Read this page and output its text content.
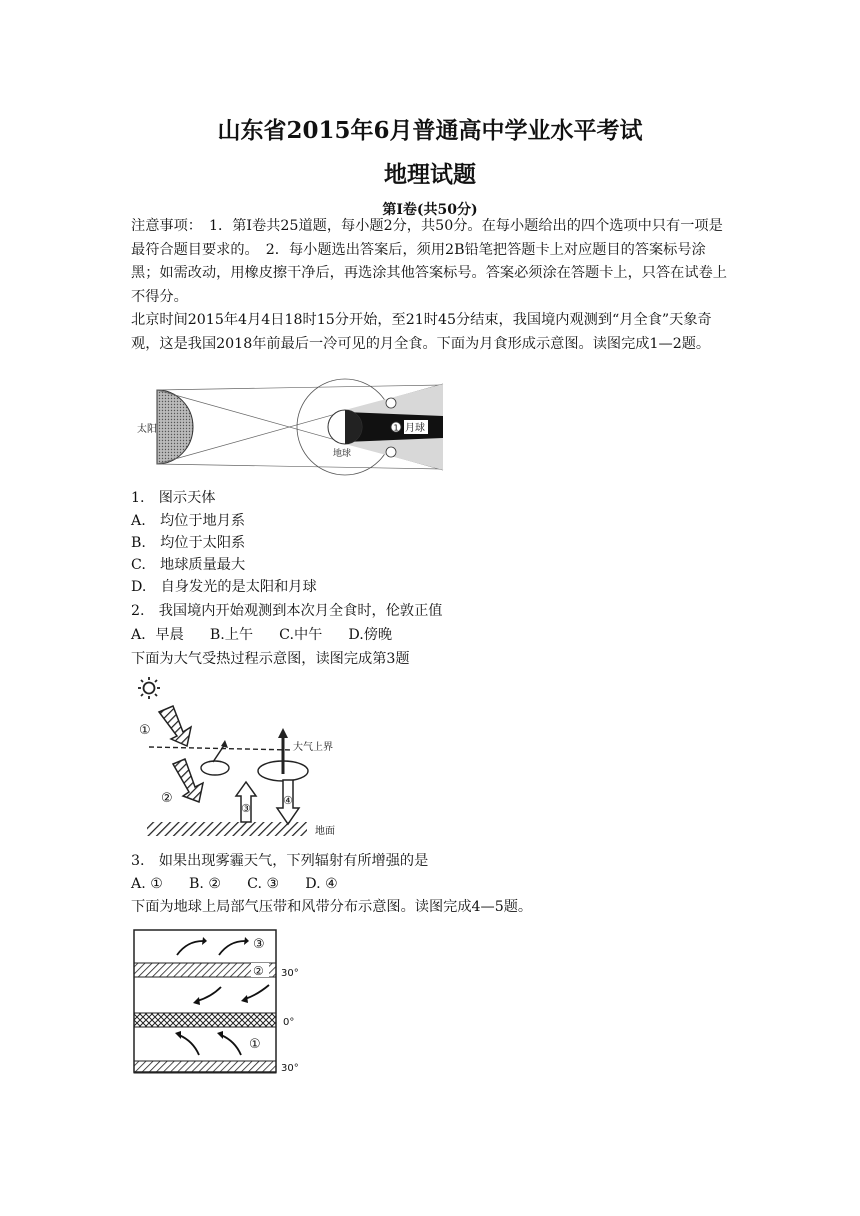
山东省2015年6月普通高中学业水平考试
地理试题
第Ⅰ卷(共50分)

注意事项：　1．第Ⅰ卷共25道题，每小题2分，共50分。在每小题给出的四个选项中只有一项是最符合题目要求的。　2．每小题选出答案后，须用2B铅笔把答题卡上对应题目的答案标号涂黑；如需改动，用橡皮擦干净后，再选涂其他答案标号。答案必须涂在答题卡上，只答在试卷上不得分。

北京时间2015年4月4日18时15分开始，至21时45分结束，我国境内观测到“月全食”天象奇观，这是我国2018年前最后一冷可见的月全食。下面为月食形成示意图。读图完成1—2题。

太阳
地球
1 月球
1.　图示天体
A.　均位于地月系
B.　均位于太阳系
C.　地球质量最大
D.　自身发光的是太阳和月球
2.　我国境内开始观测到本次月全食时，伦敦正值
A．早晨 B.上午 C.中午 D.傍晚
下面为大气受热过程示意图，读图完成第3题
①
大气上界
②
③
④
地面
3.　如果出现雾霾天气，下列辐射有所增强的是
A. ① B. ② C. ③ D. ④
下面为地球上局部气压带和风带分布示意图。读图完成4—5题。
③
②
①
30°
0°
30°
